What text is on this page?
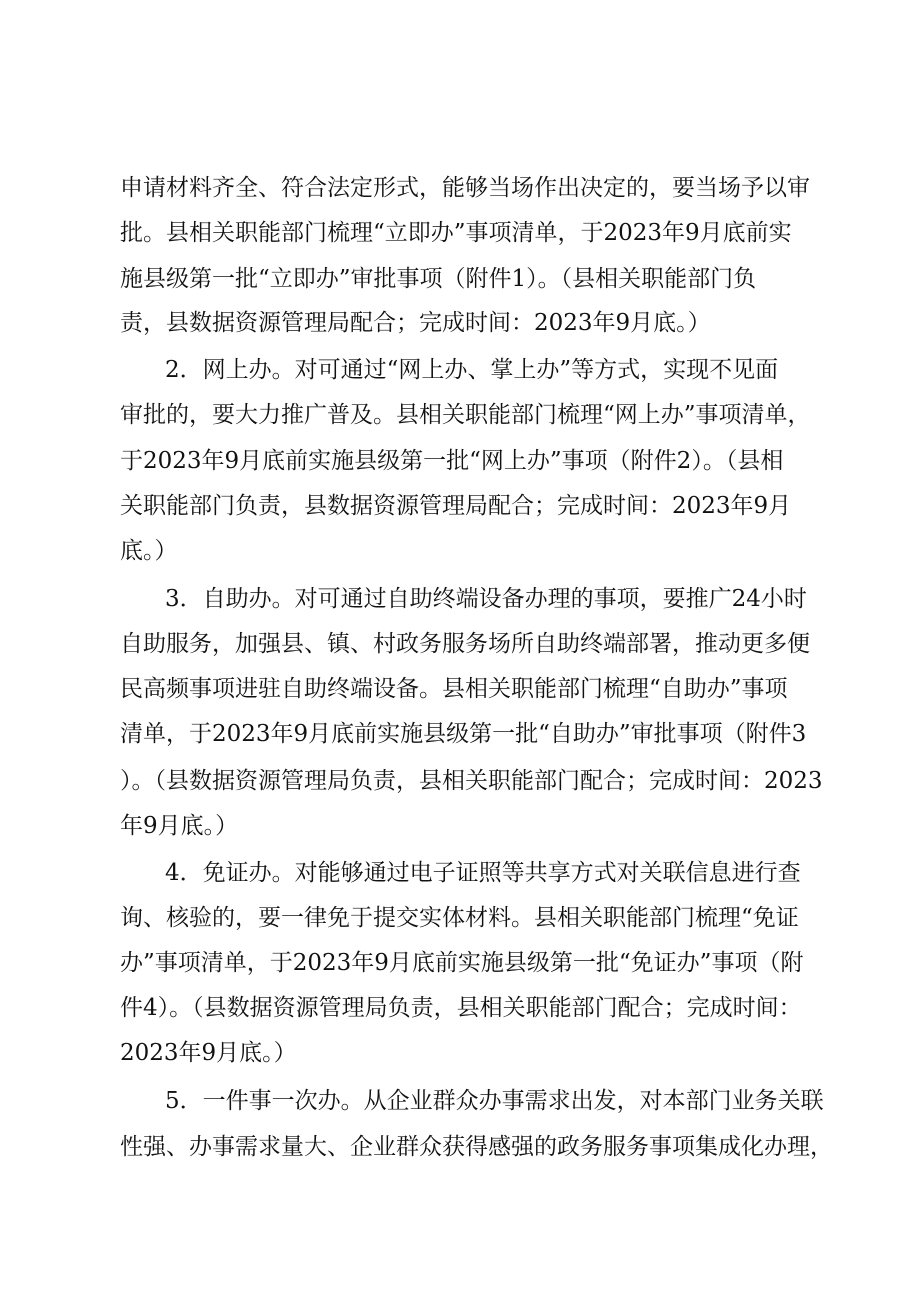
申请材料齐全、符合法定形式，能够当场作出决定的，要当场予以审
批。县相关职能部门梳理“立即办”事项清单，于2023年9月底前实
施县级第一批“立即办”审批事项（附件1）。（县相关职能部门负
责，县数据资源管理局配合；完成时间：2023年9月底。）
2．网上办。对可通过“网上办、掌上办”等方式，实现不见面
审批的，要大力推广普及。县相关职能部门梳理“网上办”事项清单，
于2023年9月底前实施县级第一批“网上办”事项（附件2）。（县相
关职能部门负责，县数据资源管理局配合；完成时间：2023年9月
底。）
3．自助办。对可通过自助终端设备办理的事项，要推广24小时
自助服务，加强县、镇、村政务服务场所自助终端部署，推动更多便
民高频事项进驻自助终端设备。县相关职能部门梳理“自助办”事项
清单，于2023年9月底前实施县级第一批“自助办”审批事项（附件3
）。（县数据资源管理局负责，县相关职能部门配合；完成时间：2023
年9月底。）
4．免证办。对能够通过电子证照等共享方式对关联信息进行查
询、核验的，要一律免于提交实体材料。县相关职能部门梳理“免证
办”事项清单，于2023年9月底前实施县级第一批“免证办”事项（附
件4）。（县数据资源管理局负责，县相关职能部门配合；完成时间：
2023年9月底。）
5．一件事一次办。从企业群众办事需求出发，对本部门业务关联
性强、办事需求量大、企业群众获得感强的政务服务事项集成化办理，
